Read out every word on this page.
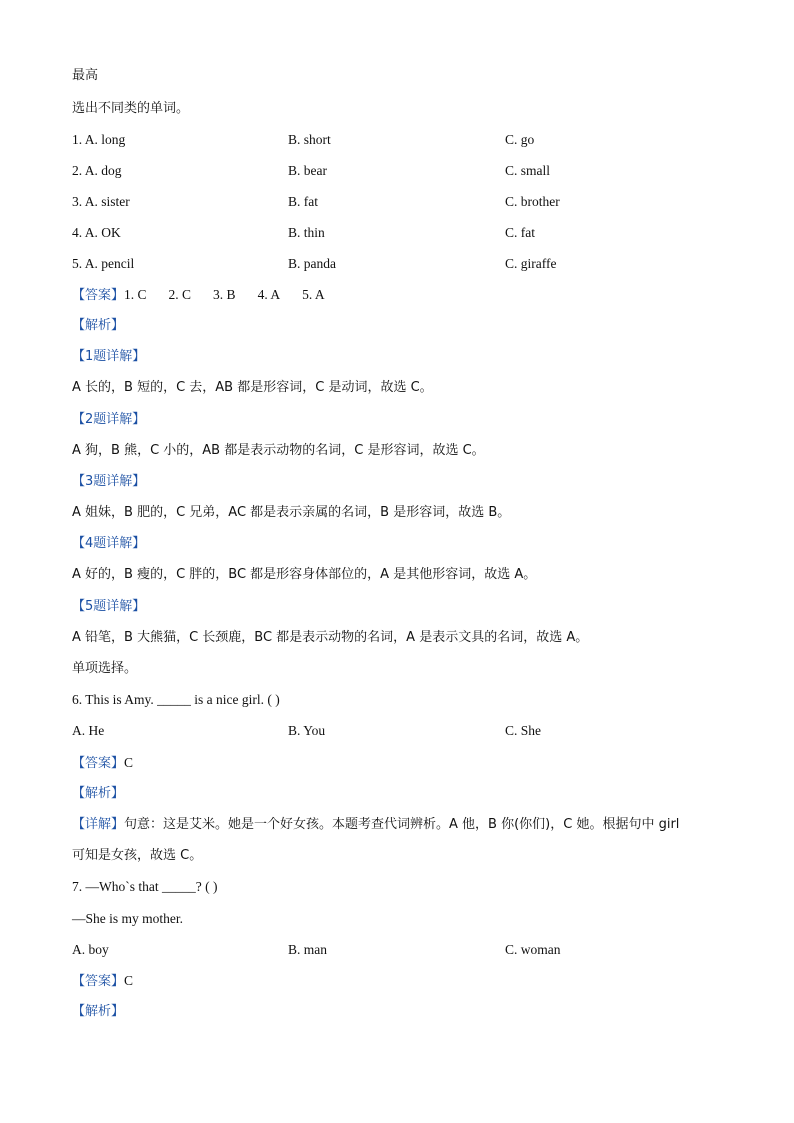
最高
选出不同类的单词。
1. A. long	B. short	C. go
2. A. dog	B. bear	C. small
3. A. sister	B. fat	C. brother
4. A. OK	B. thin	C. fat
5. A. pencil	B. panda	C. giraffe
【答案】1. C 2. C 3. B 4. A 5. A
【解析】
【1题详解】
A 长的，B 短的，C 去，AB 都是形容词，C 是动词，故选 C。
【2题详解】
A 狗，B 熊，C 小的，AB 都是表示动物的名词，C 是形容词，故选 C。
【3题详解】
A 姐妹，B 肥的，C 兄弟，AC 都是表示亲属的名词，B 是形容词，故选 B。
【4题详解】
A 好的，B 瘦的，C 胖的，BC 都是形容身体部位的，A 是其他形容词，故选 A。
【5题详解】
A 铅笔，B 大熊猫，C 长颈鹿，BC 都是表示动物的名词，A 是表示文具的名词，故选 A。
单项选择。
6. This is Amy. _____ is a nice girl. ( )
A. He	B. You	C. She
【答案】C
【解析】
【详解】句意：这是艾米。她是一个好女孩。本题考查代词辨析。A 他，B 你(你们)，C 她。根据句中 girl
可知是女孩，故选 C。
7. —Who`s that _____? ( )
—She is my mother.
A. boy	B. man	C. woman
【答案】C
【解析】
